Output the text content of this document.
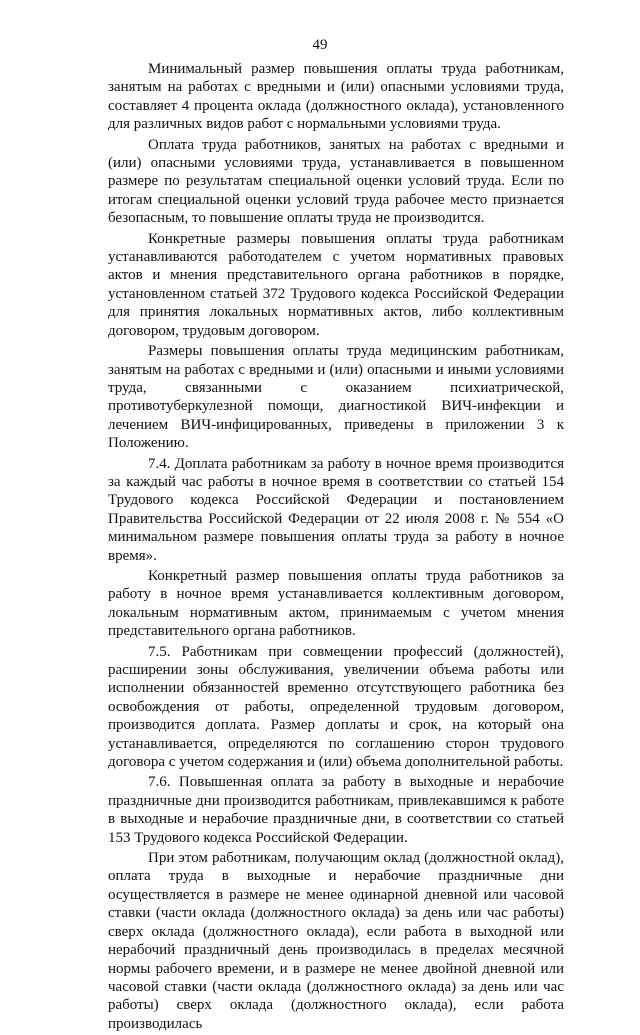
49

Минимальный размер повышения оплаты труда работникам, занятым на работах с вредными и (или) опасными условиями труда, составляет 4 процента оклада (должностного оклада), установленного для различных видов работ с нормальными условиями труда.

Оплата труда работников, занятых на работах с вредными и (или) опасными условиями труда, устанавливается в повышенном размере по результатам специальной оценки условий труда. Если по итогам специальной оценки условий труда рабочее место признается безопасным, то повышение оплаты труда не производится.

Конкретные размеры повышения оплаты труда работникам устанавливаются работодателем с учетом нормативных правовых актов и мнения представительного органа работников в порядке, установленном статьей 372 Трудового кодекса Российской Федерации для принятия локальных нормативных актов, либо коллективным договором, трудовым договором.

Размеры повышения оплаты труда медицинским работникам, занятым на работах с вредными и (или) опасными и иными условиями труда, связанными с оказанием психиатрической, противотуберкулезной помощи, диагностикой ВИЧ-инфекции и лечением ВИЧ-инфицированных, приведены в приложении 3 к Положению.

7.4. Доплата работникам за работу в ночное время производится за каждый час работы в ночное время в соответствии со статьей 154 Трудового кодекса Российской Федерации и постановлением Правительства Российской Федерации от 22 июля 2008 г. № 554 «О минимальном размере повышения оплаты труда за работу в ночное время».

Конкретный размер повышения оплаты труда работников за работу в ночное время устанавливается коллективным договором, локальным нормативным актом, принимаемым с учетом мнения представительного органа работников.

7.5. Работникам при совмещении профессий (должностей), расширении зоны обслуживания, увеличении объема работы или исполнении обязанностей временно отсутствующего работника без освобождения от работы, определенной трудовым договором, производится доплата. Размер доплаты и срок, на который она устанавливается, определяются по соглашению сторон трудового договора с учетом содержания и (или) объема дополнительной работы.

7.6. Повышенная оплата за работу в выходные и нерабочие праздничные дни производится работникам, привлекавшимся к работе в выходные и нерабочие праздничные дни, в соответствии со статьей 153 Трудового кодекса Российской Федерации.

При этом работникам, получающим оклад (должностной оклад), оплата труда в выходные и нерабочие праздничные дни осуществляется в размере не менее одинарной дневной или часовой ставки (части оклада (должностного оклада) за день или час работы) сверх оклада (должностного оклада), если работа в выходной или нерабочий праздничный день производилась в пределах месячной нормы рабочего времени, и в размере не менее двойной дневной или часовой ставки (части оклада (должностного оклада) за день или час работы) сверх оклада (должностного оклада), если работа производилась
